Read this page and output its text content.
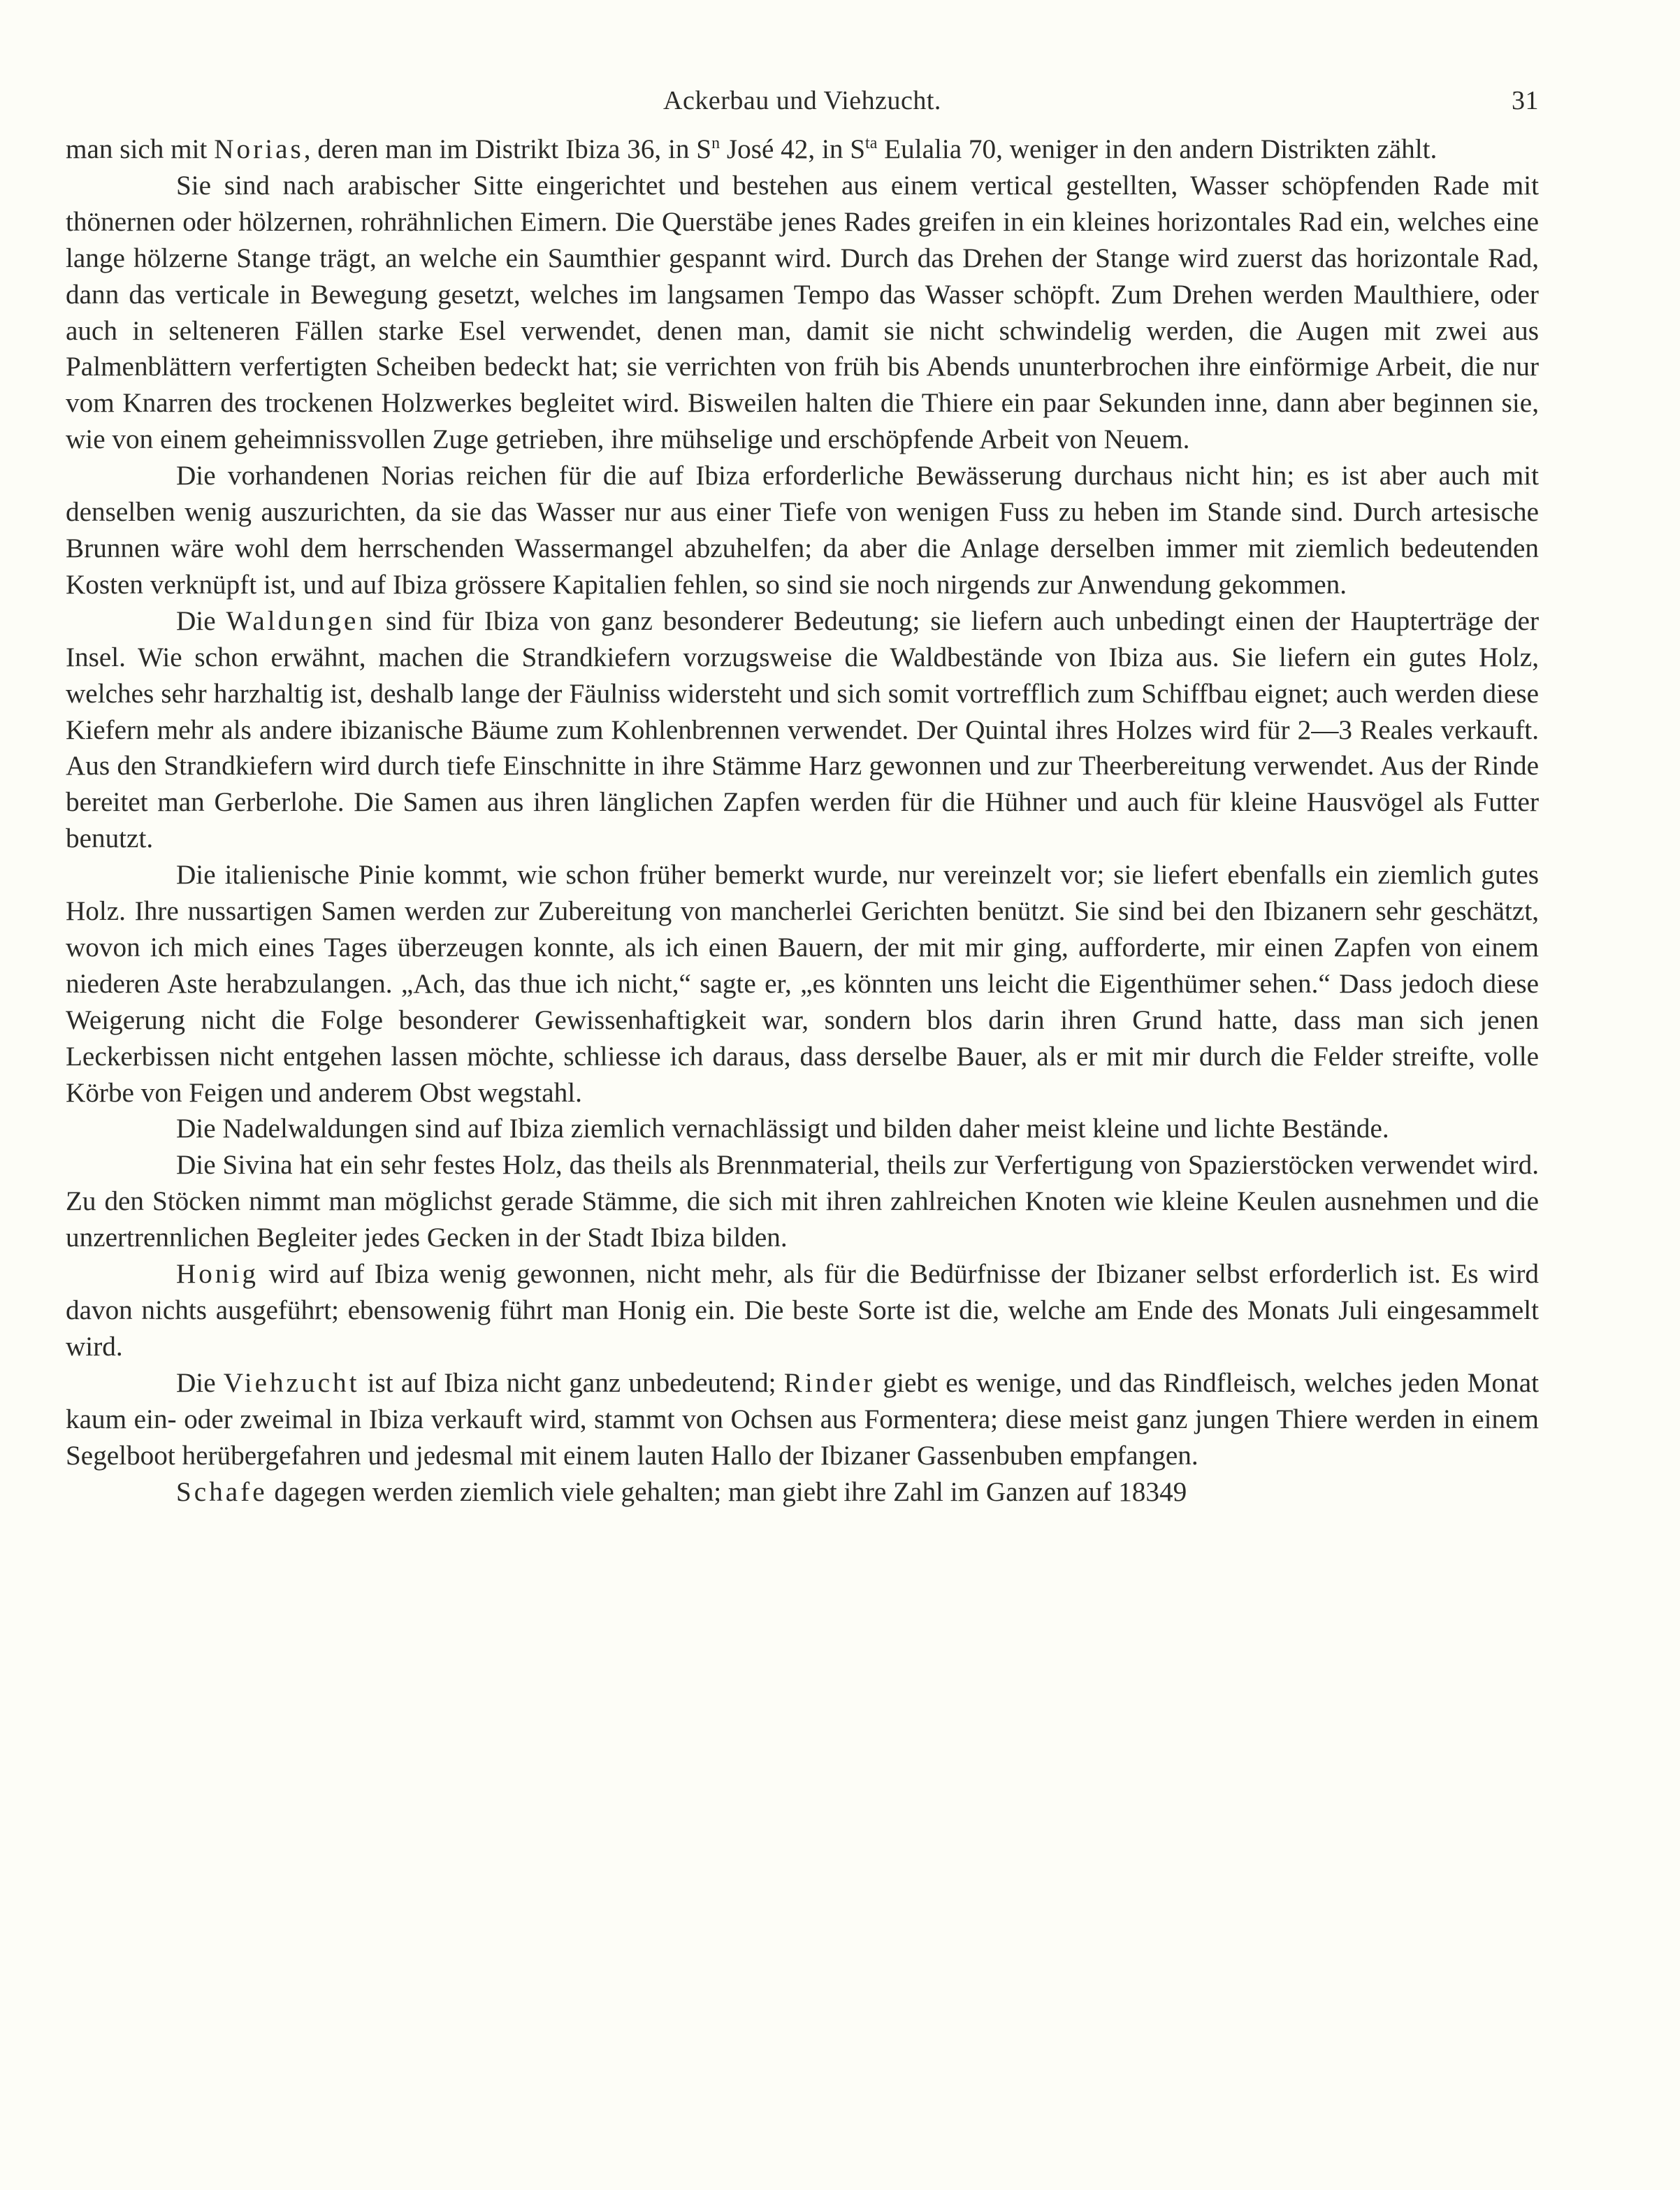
Ackerbau und Viehzucht.	31

man sich mit Norias, deren man im Distrikt Ibiza 36, in $S^n$ José 42, in $S^{ta}$ Eulalia 70, weniger in den andern Distrikten zählt.

Sie sind nach arabischer Sitte eingerichtet und bestehen aus einem vertical gestellten, Wasser schöpfenden Rade mit thönernen oder hölzernen, rohrähnlichen Eimern. Die Querstäbe jenes Rades greifen in ein kleines horizontales Rad ein, welches eine lange hölzerne Stange trägt, an welche ein Saumthier gespannt wird. Durch das Drehen der Stange wird zuerst das horizontale Rad, dann das verticale in Bewegung gesetzt, welches im langsamen Tempo das Wasser schöpft. Zum Drehen werden Maulthiere, oder auch in selteneren Fällen starke Esel verwendet, denen man, damit sie nicht schwindelig werden, die Augen mit zwei aus Palmenblättern verfertigten Scheiben bedeckt hat; sie verrichten von früh bis Abends ununterbrochen ihre einförmige Arbeit, die nur vom Knarren des trockenen Holzwerkes begleitet wird. Bisweilen halten die Thiere ein paar Sekunden inne, dann aber beginnen sie, wie von einem geheimnissvollen Zuge getrieben, ihre mühselige und erschöpfende Arbeit von Neuem.

Die vorhandenen Norias reichen für die auf Ibiza erforderliche Bewässerung durchaus nicht hin; es ist aber auch mit denselben wenig auszurichten, da sie das Wasser nur aus einer Tiefe von wenigen Fuss zu heben im Stande sind. Durch artesische Brunnen wäre wohl dem herrschenden Wassermangel abzuhelfen; da aber die Anlage derselben immer mit ziemlich bedeutenden Kosten verknüpft ist, und auf Ibiza grössere Kapitalien fehlen, so sind sie noch nirgends zur Anwendung gekommen.

Die Waldungen sind für Ibiza von ganz besonderer Bedeutung; sie liefern auch unbedingt einen der Haupterträge der Insel. Wie schon erwähnt, machen die Strandkiefern vorzugsweise die Waldbestände von Ibiza aus. Sie liefern ein gutes Holz, welches sehr harzhaltig ist, deshalb lange der Fäulniss widersteht und sich somit vortrefflich zum Schiffbau eignet; auch werden diese Kiefern mehr als andere ibizanische Bäume zum Kohlenbrennen verwendet. Der Quintal ihres Holzes wird für 2—3 Reales verkauft. Aus den Strandkiefern wird durch tiefe Einschnitte in ihre Stämme Harz gewonnen und zur Theerbereitung verwendet. Aus der Rinde bereitet man Gerberlohe. Die Samen aus ihren länglichen Zapfen werden für die Hühner und auch für kleine Hausvögel als Futter benutzt.

Die italienische Pinie kommt, wie schon früher bemerkt wurde, nur vereinzelt vor; sie liefert ebenfalls ein ziemlich gutes Holz. Ihre nussartigen Samen werden zur Zubereitung von mancherlei Gerichten benützt. Sie sind bei den Ibizanern sehr geschätzt, wovon ich mich eines Tages überzeugen konnte, als ich einen Bauern, der mit mir ging, aufforderte, mir einen Zapfen von einem niederen Aste herabzulangen. „Ach, das thue ich nicht,“ sagte er, „es könnten uns leicht die Eigenthümer sehen.“ Dass jedoch diese Weigerung nicht die Folge besonderer Gewissenhaftigkeit war, sondern blos darin ihren Grund hatte, dass man sich jenen Leckerbissen nicht entgehen lassen möchte, schliesse ich daraus, dass derselbe Bauer, als er mit mir durch die Felder streifte, volle Körbe von Feigen und anderem Obst wegstahl.

Die Nadelwaldungen sind auf Ibiza ziemlich vernachlässigt und bilden daher meist kleine und lichte Bestände.

Die Sivina hat ein sehr festes Holz, das theils als Brennmaterial, theils zur Verfertigung von Spazierstöcken verwendet wird. Zu den Stöcken nimmt man möglichst gerade Stämme, die sich mit ihren zahlreichen Knoten wie kleine Keulen ausnehmen und die unzertrennlichen Begleiter jedes Gecken in der Stadt Ibiza bilden.

Honig wird auf Ibiza wenig gewonnen, nicht mehr, als für die Bedürfnisse der Ibizaner selbst erforderlich ist. Es wird davon nichts ausgeführt; ebensowenig führt man Honig ein. Die beste Sorte ist die, welche am Ende des Monats Juli eingesammelt wird.

Die Viehzucht ist auf Ibiza nicht ganz unbedeutend; Rinder giebt es wenige, und das Rindfleisch, welches jeden Monat kaum ein- oder zweimal in Ibiza verkauft wird, stammt von Ochsen aus Formentera; diese meist ganz jungen Thiere werden in einem Segelboot herübergefahren und jedesmal mit einem lauten Hallo der Ibizaner Gassenbuben empfangen.

Schafe dagegen werden ziemlich viele gehalten; man giebt ihre Zahl im Ganzen auf 18349
